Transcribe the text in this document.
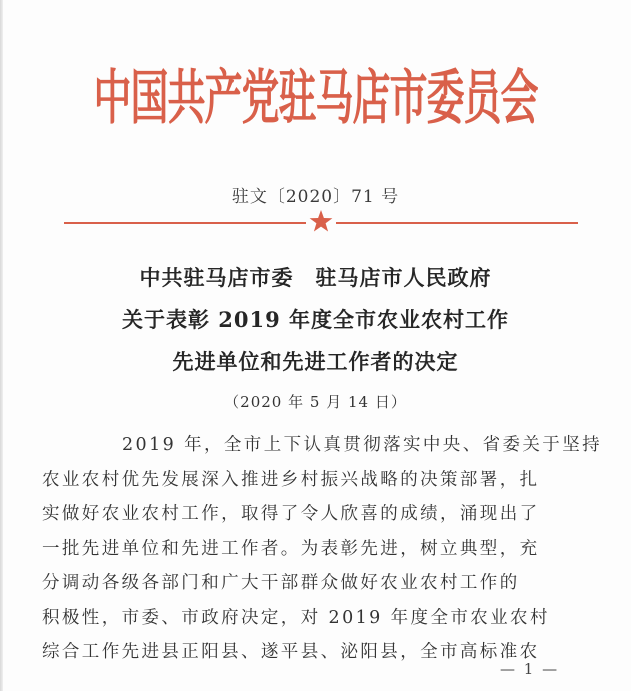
中国共产党驻马店市委员会
驻文〔2020〕71 号
中共驻马店市委　驻马店市人民政府
关于表彰 2019 年度全市农业农村工作
先进单位和先进工作者的决定
（2020 年 5 月 14 日）
2019 年，全市上下认真贯彻落实中央、省委关于坚持
农业农村优先发展深入推进乡村振兴战略的决策部署，扎
实做好农业农村工作，取得了令人欣喜的成绩，涌现出了
一批先进单位和先进工作者。为表彰先进，树立典型，充
分调动各级各部门和广大干部群众做好农业农村工作的
积极性，市委、市政府决定，对 2019 年度全市农业农村
综合工作先进县正阳县、遂平县、泌阳县，全市高标准农
— 1 —
